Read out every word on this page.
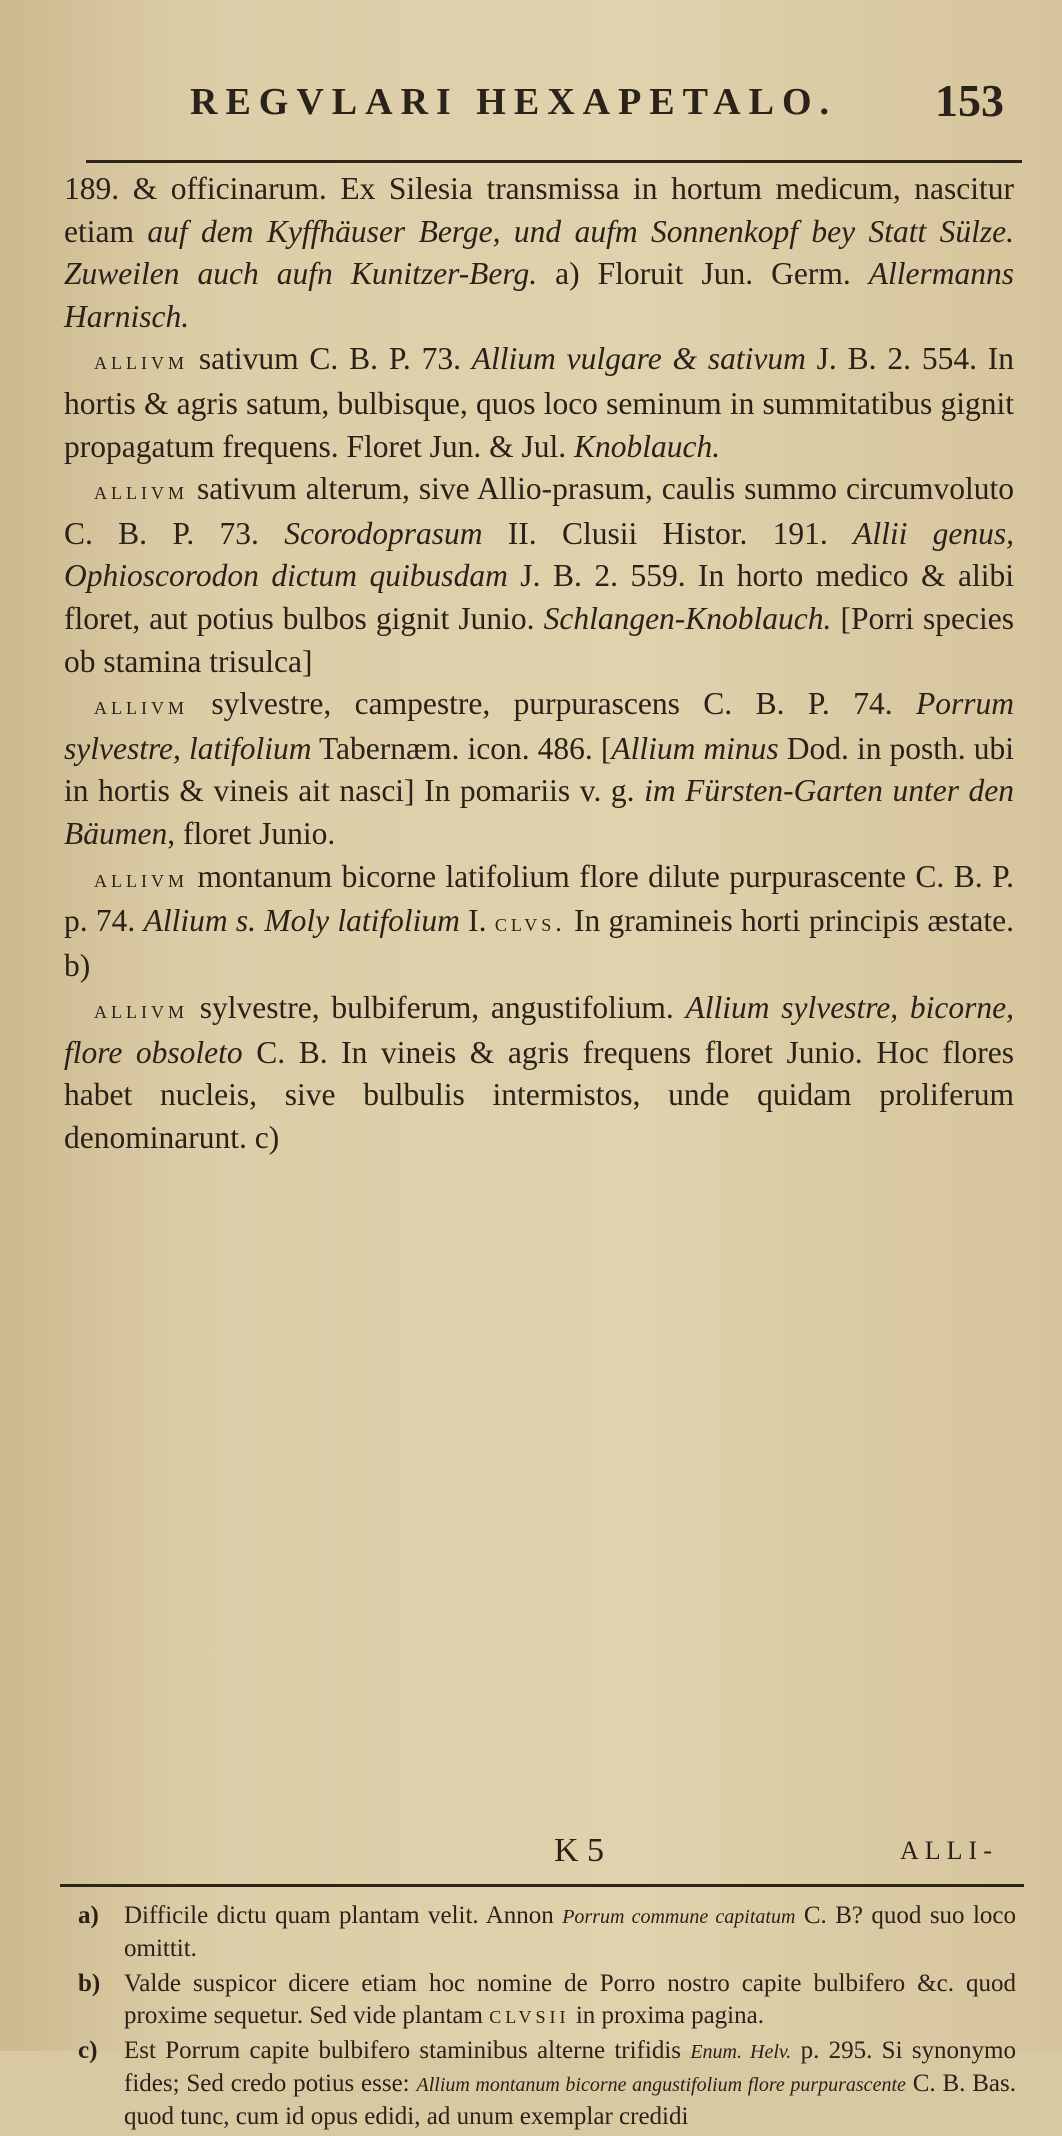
REGVLARI HEXAPETALO. 153

189. & officinarum. Ex Silesia transmissa in hortum medicum, nascitur etiam auf dem Kyffhäuser Berge, und aufm Sonnenkopf bey Statt Sülze. Zuweilen auch aufn Kunitzer-Berg. a) Floruit Jun. Germ. Allermanns Harnisch.

allivm sativum C. B. P. 73. Allium vulgare & sativum J. B. 2. 554. In hortis & agris satum, bulbisque, quos loco seminum in summitatibus gignit propagatum frequens. Floret Jun. & Jul. Knoblauch.

allivm sativum alterum, sive Allio-prasum, caulis summo circumvoluto C. B. P. 73. Scorodoprasum II. Clusii Histor. 191. Allii genus, Ophioscorodon dictum quibusdam J. B. 2. 559. In horto medico & alibi floret, aut potius bulbos gignit Junio. Schlangen-Knoblauch. [Porri species ob stamina trisulca]

allivm sylvestre, campestre, purpurascens C. B. P. 74. Porrum sylvestre, latifolium Tabernæm. icon. 486. [Allium minus Dod. in posth. ubi in hortis & vineis ait nasci] In pomariis v. g. im Fürsten-Garten unter den Bäumen, floret Junio.

allivm montanum bicorne latifolium flore dilute purpurascente C. B. P. p. 74. Allium s. Moly latifolium I. clvs. In gramineis horti principis æstate. b)

allivm sylvestre, bulbiferum, angustifolium. Allium sylvestre, bicorne, flore obsoleto C. B. In vineis & agris frequens floret Junio. Hoc flores habet nucleis, sive bulbulis intermistos, unde quidam proliferum denominarunt. c)

K 5	ALLI-
a)	Difficile dictu quam plantam velit. Annon Porrum commune capitatum C. B? quod suo loco omittit.
b) Valde suspicor dicere etiam hoc nomine de Porro nostro capite bulbifero &c. quod proxime sequetur. Sed vide plantam clvsii in proxima pagina.
c)	Est Porrum capite bulbifero staminibus alterne trifidis Enum. Helv. p. 295. Si synonymo fides; Sed credo potius esse: Allium montanum bicorne angustifolium flore purpurascente C. B. Bas. quod tunc, cum id opus edidi, ad unum exemplar credidi
